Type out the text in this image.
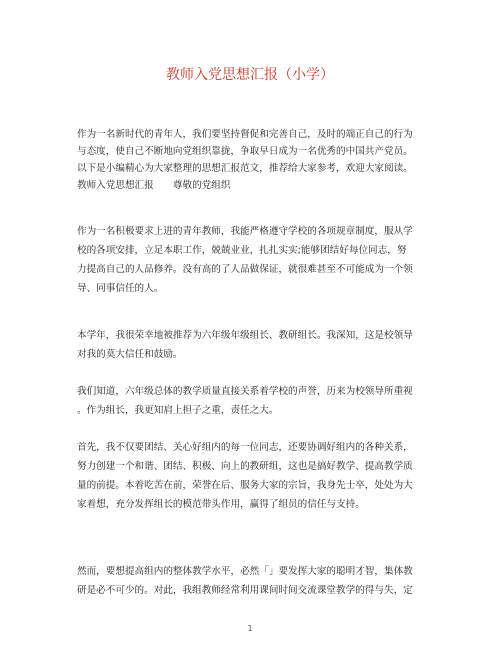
教师入党思想汇报（小学）
作为一名新时代的青年人，我们要坚持督促和完善自己，及时的端正自己的行为
与态度，使自己不断地向党组织靠拢，争取早日成为一名优秀的中国共产党员。
以下是小编精心为大家整理的思想汇报范文，推荐给大家参考，欢迎大家阅读。
教师入党思想汇报　　尊敬的党组织
作为一名积极要求上进的青年教师，我能严格遵守学校的各项规章制度，服从学
校的各项安排，立足本职工作，兢兢业业，扎扎实实;能够团结好每位同志，努
力提高自己的人品修养。没有高的了人品做保证，就很难甚至不可能成为一个领
导、同事信任的人。
本学年，我很荣幸地被推荐为六年级年级组长、教研组长。我深知，这是校领导
对我的莫大信任和鼓励。
我们知道，六年级总体的教学质量直接关系着学校的声誉，历来为校领导所重视
。作为组长，我更知肩上担子之重，责任之大。
首先，我不仅要团结、关心好组内的每一位同志，还要协调好组内的各种关系，
努力创建一个和谐、团结、积极、向上的教研组，这也是搞好教学、提高教学质
量的前提。本着吃苦在前，荣誉在后、服务大家的宗旨，我身先士卒，处处为大
家着想，充分发挥组长的模范带头作用，赢得了组员的信任与支持。
然而，要想提高组内的整体教学水平，必然「」要发挥大家的聪明才智，集体教
研是必不可少的。对此，我组教师经常利用课间时间交流课堂教学的得与失，定
1
